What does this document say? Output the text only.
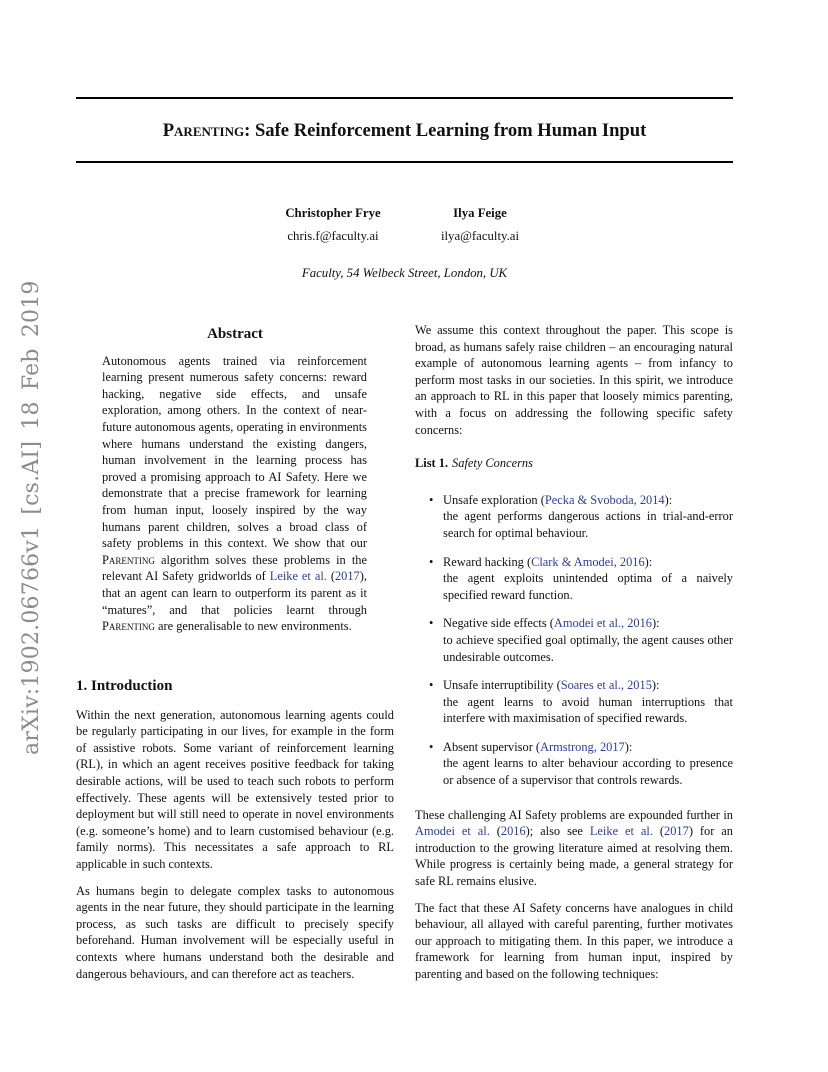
Parenting: Safe Reinforcement Learning from Human Input
Christopher Frye
chris.f@faculty.ai
Ilya Feige
ilya@faculty.ai
Faculty, 54 Welbeck Street, London, UK
arXiv:1902.06766v1 [cs.AI] 18 Feb 2019	Abstract

Autonomous agents trained via reinforcement learning present numerous safety concerns: reward hacking, negative side effects, and unsafe exploration, among others. In the context of near-future autonomous agents, operating in environments where humans understand the existing dangers, human involvement in the learning process has proved a promising approach to AI Safety. Here we demonstrate that a precise framework for learning from human input, loosely inspired by the way humans parent children, solves a broad class of safety problems in this context. We show that our Parenting algorithm solves these problems in the relevant AI Safety gridworlds of Leike et al. (2017), that an agent can learn to outperform its parent as it “matures”, and that policies learnt through Parenting are generalisable to new environments.

1. Introduction

Within the next generation, autonomous learning agents could be regularly participating in our lives, for example in the form of assistive robots. Some variant of reinforcement learning (RL), in which an agent receives positive feedback for taking desirable actions, will be used to teach such robots to perform effectively. These agents will be extensively tested prior to deployment but will still need to operate in novel environments (e.g. someone’s home) and to learn customised behaviour (e.g. family norms). This necessitates a safe approach to RL applicable in such contexts.

As humans begin to delegate complex tasks to autonomous agents in the near future, they should participate in the learning process, as such tasks are difficult to precisely specify beforehand. Human involvement will be especially useful in contexts where humans understand both the desirable and dangerous behaviours, and can therefore act as teachers.

We assume this context throughout the paper. This scope is broad, as humans safely raise children – an encouraging natural example of autonomous learning agents – from infancy to perform most tasks in our societies. In this spirit, we introduce an approach to RL in this paper that loosely mimics parenting, with a focus on addressing the following specific safety concerns:

List 1. Safety Concerns
• Unsafe exploration (Pecka & Svoboda, 2014):
the agent performs dangerous actions in trial-and-error search for optimal behaviour.
• Reward hacking (Clark & Amodei, 2016):
the agent exploits unintended optima of a naively specified reward function.
• Negative side effects (Amodei et al., 2016):
to achieve specified goal optimally, the agent causes other undesirable outcomes.
• Unsafe interruptibility (Soares et al., 2015):
the agent learns to avoid human interruptions that interfere with maximisation of specified rewards.
• Absent supervisor (Armstrong, 2017):
the agent learns to alter behaviour according to presence or absence of a supervisor that controls rewards.

These challenging AI Safety problems are expounded further in Amodei et al. (2016); also see Leike et al. (2017) for an introduction to the growing literature aimed at resolving them. While progress is certainly being made, a general strategy for safe RL remains elusive.

The fact that these AI Safety concerns have analogues in child behaviour, all allayed with careful parenting, further motivates our approach to mitigating them. In this paper, we introduce a framework for learning from human input, inspired by parenting and based on the following techniques:
